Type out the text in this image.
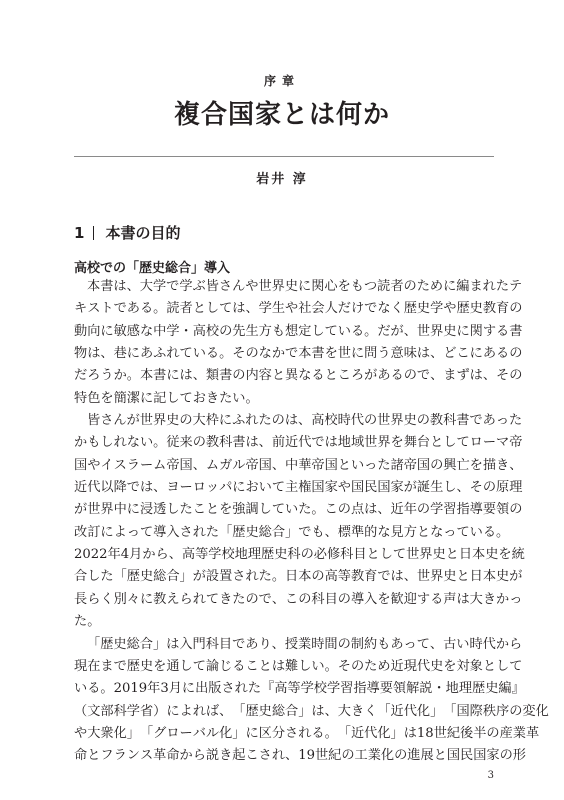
序章
複合国家とは何か
岩井 淳
1 本書の目的
高校での「歴史総合」導入
本 書 は 、 大 学 で 学 ぶ 皆 さ ん や 世 界 史 に 関 心 を も つ 読 者 の た め に 編 ま れ た テ
キ ス ト で あ る 。 読 者 と し て は 、 学 生 や 社 会 人 だ け で な く 歴 史 学 や 歴 史 教 育 の
動 向 に 敏 感 な 中 学 ・ 高 校 の 先 生 方 も 想 定 し て い る 。 だ が 、 世 界 史 に 関 す る 書
物 は 、 巷 に あ ふ れ て い る 。 そ の な か で 本 書 を 世 に 問 う 意 味 は 、 ど こ に あ る の
だ ろ う か 。 本 書 に は 、 類 書 の 内 容 と 異 な る と こ ろ が あ る の で 、 ま ず は 、 そ の
特 色 を 簡 潔 に 記 し て お き た い 。
皆 さ ん が 世 界 史 の 大 枠 に ふ れ た の は 、 高 校 時 代 の 世 界 史 の 教 科 書 で あ っ た
か も し れ な い 。 従 来 の 教 科 書 は 、 前 近 代 で は 地 域 世 界 を 舞 台 と し て ロ ー マ 帝
国 や イ ス ラ ー ム 帝 国 、 ム ガ ル 帝 国 、 中 華 帝 国 と い っ た 諸 帝 国 の 興 亡 を 描 き 、
近 代 以 降 で は 、 ヨ ー ロ ッ パ に お い て 主 権 国 家 や 国 民 国 家 が 誕 生 し 、 そ の 原 理
が 世 界 中 に 浸 透 し た こ と を 強 調 し て い た 。 こ の 点 は 、 近 年 の 学 習 指 導 要 領 の
改 訂 に よ っ て 導 入 さ れ た 「 歴 史 総 合 」 で も 、 標 準 的 な 見 方 と な っ て い る 。
2022 年 4 月 か ら 、 高 等 学 校 地 理 歴 史 科 の 必 修 科 目 と し て 世 界 史 と 日 本 史 を 統
合 し た 「 歴 史 総 合 」 が 設 置 さ れ た 。 日 本 の 高 等 教 育 で は 、 世 界 史 と 日 本 史 が
長 ら く 別 々 に 教 え ら れ て き た の で 、 こ の 科 目 の 導 入 を 歓 迎 す る 声 は 大 き か っ
た 。
「 歴 史 総 合 」 は 入 門 科 目 で あ り 、 授 業 時 間 の 制 約 も あ っ て 、 古 い 時 代 か ら
現 在 ま で 歴 史 を 通 し て 論 じ る こ と は 難 し い 。 そ の た め 近 現 代 史 を 対 象 と し て
い る 。 2019 年 3 月 に 出 版 さ れ た 『 高 等 学 校 学 習 指 導 要 領 解 説 ・ 地 理 歴 史 編 』
（ 文 部 科 学 省 ） に よ れ ば 、 「 歴 史 総 合 」 は 、 大 き く 「 近 代 化 」 「 国 際 秩 序 の 変 化
や 大 衆 化 」 「 グ ロ ー バ ル 化 」 に 区 分 さ れ る 。 「 近 代 化 」 は 18 世 紀 後 半 の 産 業 革
命 と フ ラ ン ス 革 命 か ら 説 き 起 こ さ れ 、 19 世 紀 の 工 業 化 の 進 展 と 国 民 国 家 の 形
3
